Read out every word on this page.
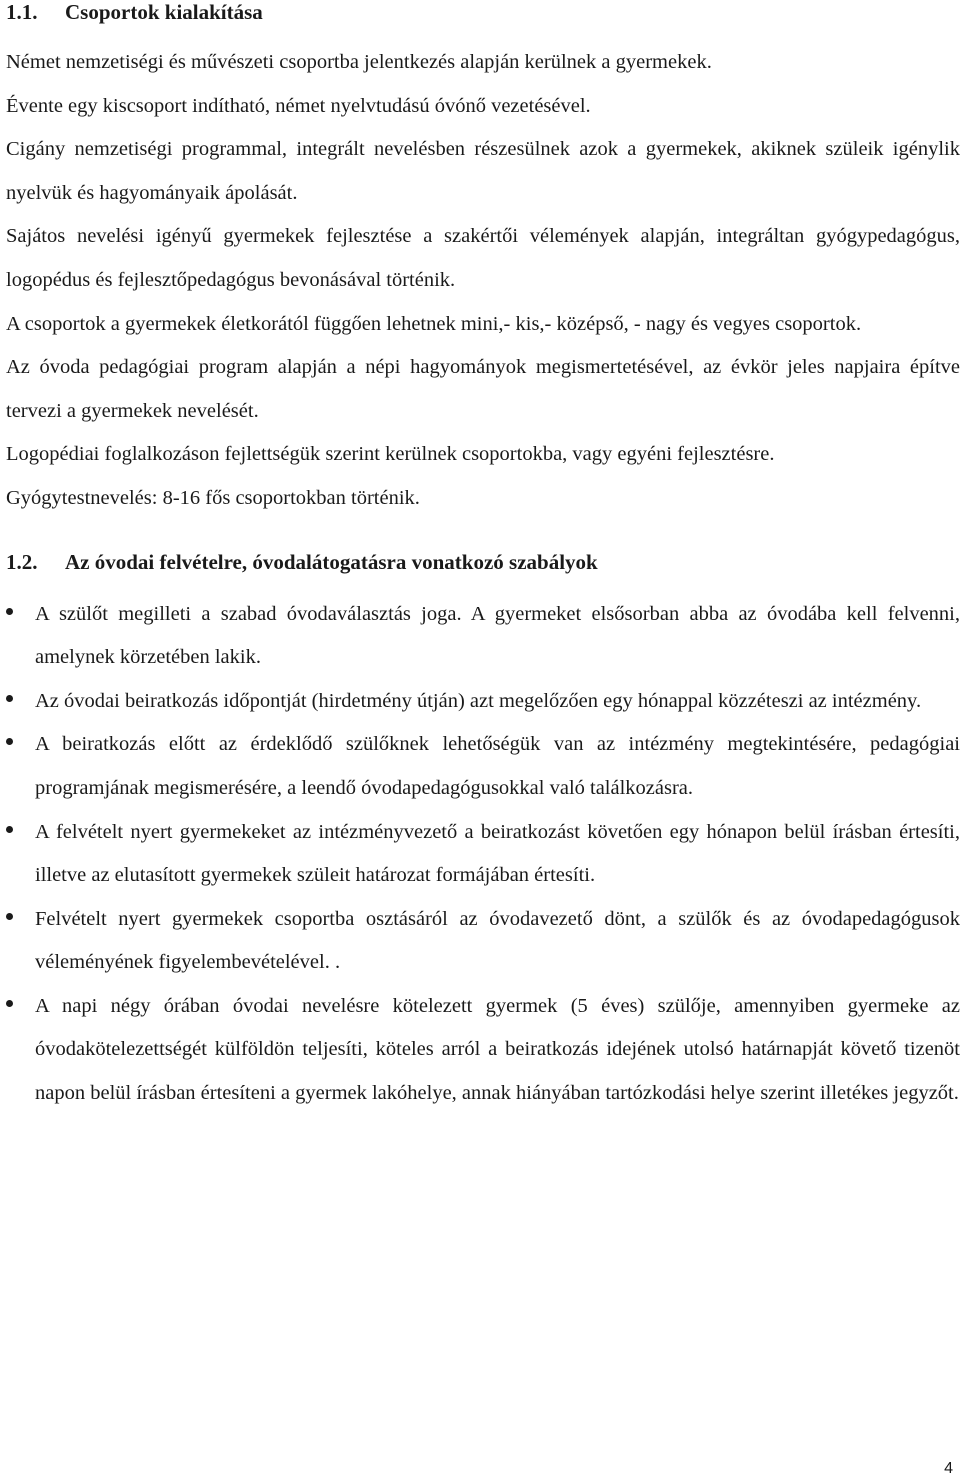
1.1.	Csoportok kialakítása

Német nemzetiségi és művészeti csoportba jelentkezés alapján kerülnek a gyermekek.

Évente egy kiscsoport indítható, német nyelvtudású óvónő vezetésével.

Cigány nemzetiségi programmal, integrált nevelésben részesülnek azok a gyermekek, akiknek szüleik igénylik nyelvük és hagyományaik ápolását.

Sajátos nevelési igényű gyermekek fejlesztése a szakértői vélemények alapján, integráltan gyógypedagógus, logopédus és fejlesztőpedagógus bevonásával történik.

A csoportok a gyermekek életkorától függően lehetnek mini,- kis,- középső, - nagy és vegyes csoportok.

Az óvoda pedagógiai program alapján a népi hagyományok megismertetésével, az évkör jeles napjaira építve tervezi a gyermekek nevelését.

Logopédiai foglalkozáson fejlettségük szerint kerülnek csoportokba, vagy egyéni fejlesztésre.

Gyógytestnevelés: 8-16 fős csoportokban történik.

1.2.	Az óvodai felvételre, óvodalátogatásra vonatkozó szabályok
A szülőt megilleti a szabad óvodaválasztás joga. A gyermeket elsősorban abba az óvodába kell felvenni, amelynek körzetében lakik.
Az óvodai beiratkozás időpontját (hirdetmény útján) azt megelőzően egy hónappal közzéteszi az intézmény.
A beiratkozás előtt az érdeklődő szülőknek lehetőségük van az intézmény megtekintésére, pedagógiai programjának megismerésére, a leendő óvodapedagógusokkal való találkozásra.
A felvételt nyert gyermekeket az intézményvezető a beiratkozást követően egy hónapon belül írásban értesíti, illetve az elutasított gyermekek szüleit határozat formájában értesíti.
Felvételt nyert gyermekek csoportba osztásáról az óvodavezető dönt, a szülők és az óvodapedagógusok véleményének figyelembevételével. .
A napi négy órában óvodai nevelésre kötelezett gyermek (5 éves) szülője, amennyiben gyermeke az óvodakötelezettségét külföldön teljesíti, köteles arról a beiratkozás idejének utolsó határnapját követő tizenöt napon belül írásban értesíteni a gyermek lakóhelye, annak hiányában tartózkodási helye szerint illetékes jegyzőt.
4
